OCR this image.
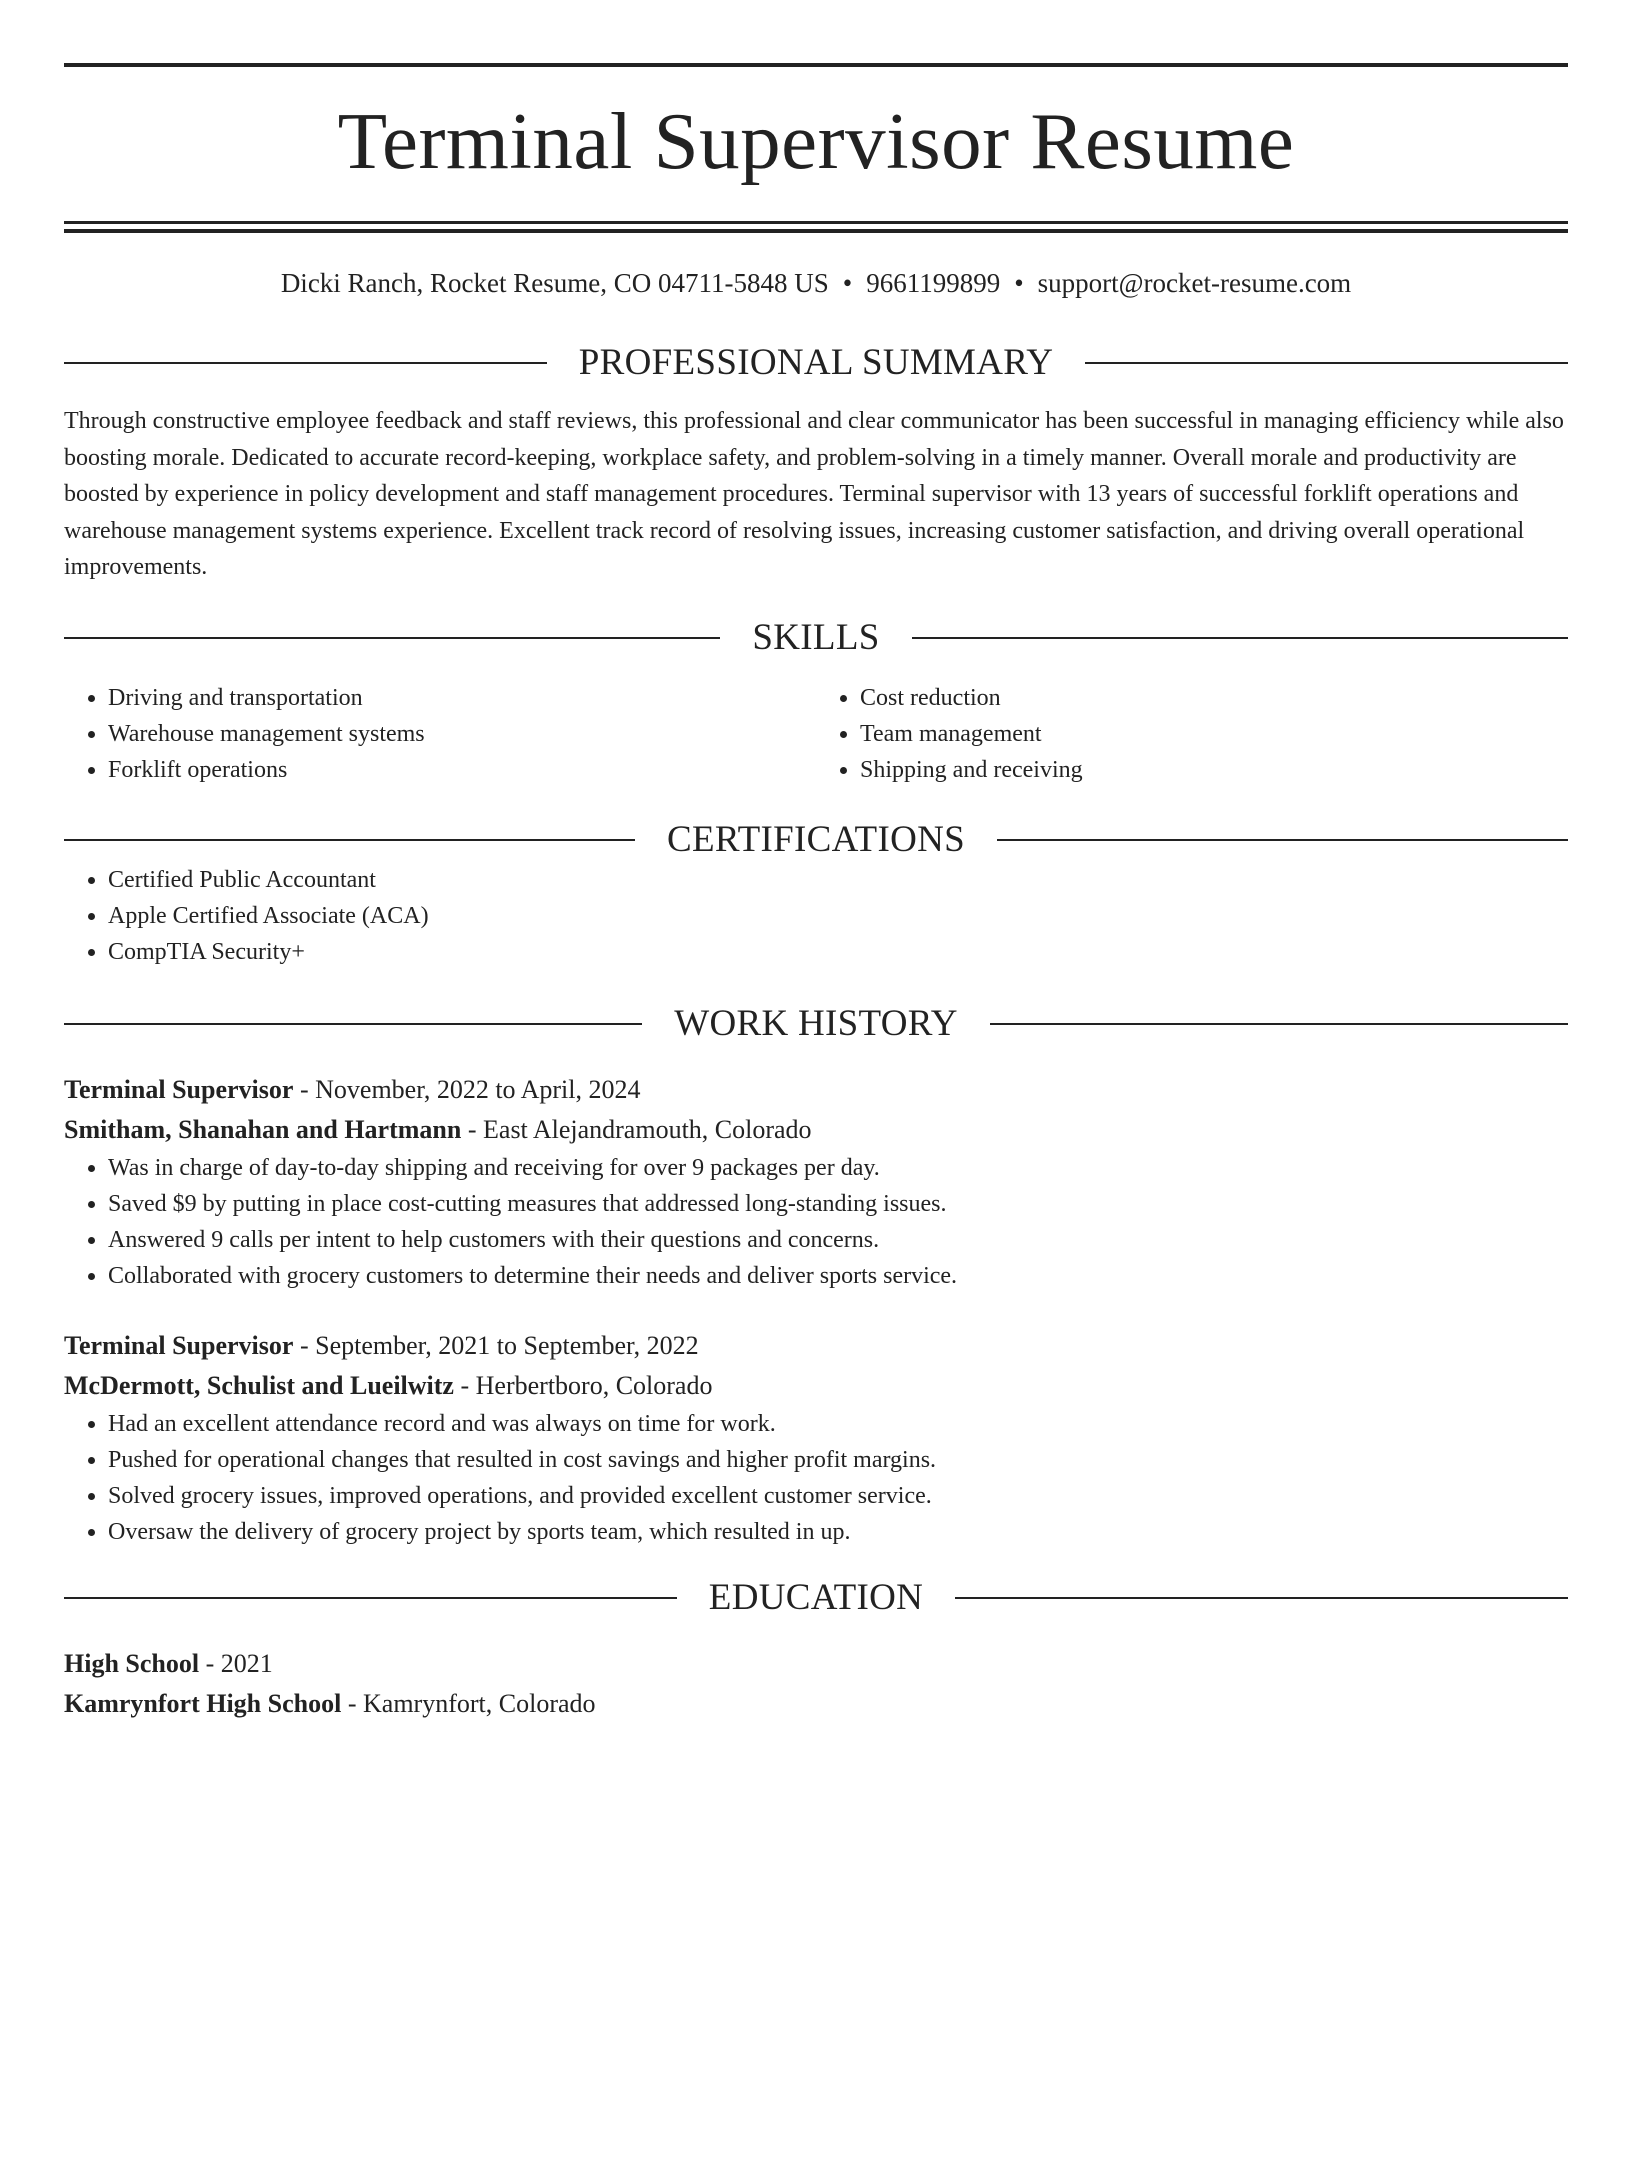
Terminal Supervisor Resume
Dicki Ranch, Rocket Resume, CO 04711-5848 US • 9661199899 • support@rocket-resume.com
PROFESSIONAL SUMMARY
Through constructive employee feedback and staff reviews, this professional and clear communicator has been successful in managing efficiency while also boosting morale. Dedicated to accurate record-keeping, workplace safety, and problem-solving in a timely manner. Overall morale and productivity are boosted by experience in policy development and staff management procedures. Terminal supervisor with 13 years of successful forklift operations and warehouse management systems experience. Excellent track record of resolving issues, increasing customer satisfaction, and driving overall operational improvements.
SKILLS
• Driving and transportation
• Warehouse management systems
• Forklift operations
• Cost reduction
• Team management
• Shipping and receiving
CERTIFICATIONS
• Certified Public Accountant
• Apple Certified Associate (ACA)
• CompTIA Security+
WORK HISTORY
Terminal Supervisor - November, 2022 to April, 2024
Smitham, Shanahan and Hartmann - East Alejandramouth, Colorado
• Was in charge of day-to-day shipping and receiving for over 9 packages per day.
• Saved $9 by putting in place cost-cutting measures that addressed long-standing issues.
• Answered 9 calls per intent to help customers with their questions and concerns.
• Collaborated with grocery customers to determine their needs and deliver sports service.
Terminal Supervisor - September, 2021 to September, 2022
McDermott, Schulist and Lueilwitz - Herbertboro, Colorado
• Had an excellent attendance record and was always on time for work.
• Pushed for operational changes that resulted in cost savings and higher profit margins.
• Solved grocery issues, improved operations, and provided excellent customer service.
• Oversaw the delivery of grocery project by sports team, which resulted in up.
EDUCATION
High School - 2021
Kamrynfort High School - Kamrynfort, Colorado
